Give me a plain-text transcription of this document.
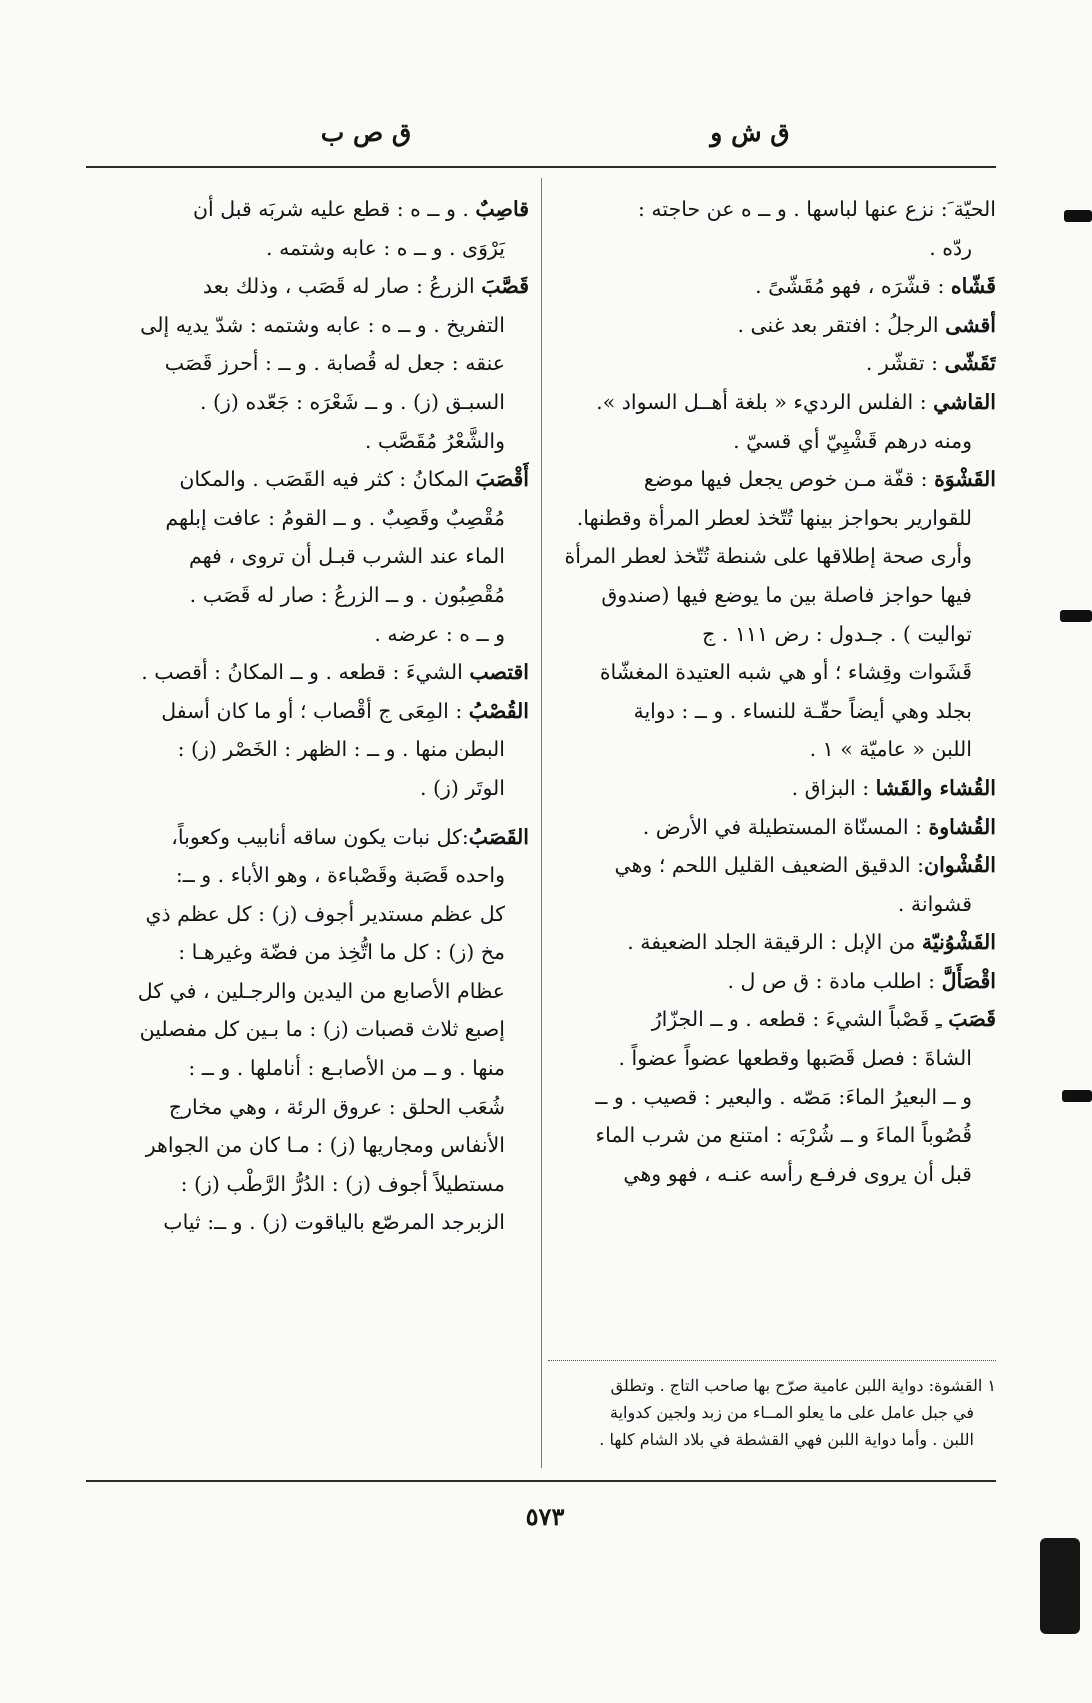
ق ش و
ق ص ب
الحيّة َ: نزع عنها لباسها . و ــ ه عن حاجته :
ردّه .
قَشّاه : قشّرَه ، فهو مُقَشّىً .
أقشى الرجلُ : افتقر بعد غنى .
تَقَشّى : تقشّر .
القاشي : الفلس الرديء « بلغة أهــل السواد ».
ومنه درهم قَشْيِيّ أي قسيّ .
القَشْوَة : قفّة مـن خوص يجعل فيها موضع
للقوارير بحواجز بينها تُتّخذ لعطر المرأة وقطنها.
وأرى صحة إطلاقها على شنطة تُتّخذ لعطر المرأة
فيها حواجز فاصلة بين ما يوضع فيها (صندوق
تواليت ) . جـدول : رض ١١١ . ج
قَشَوات وقِشاء ؛ أو هي شبه العتيدة المغشّاة
بجلد وهي أيضاً حقّـة للنساء . و ــ : دواية
اللبن « عاميّة » ١ .
القُشاء والقَشا : البزاق .
القُشاوة : المسنّاة المستطيلة في الأرض .
القُشْوان: الدقيق الضعيف القليل اللحم ؛ وهي
قشوانة .
القَشْوُنيّة من الإبل : الرقيقة الجلد الضعيفة .
اقْصَأَلَّ : اطلب مادة : ق ص ل .
قَصَبَ ـِ قَصْباً الشيءَ : قطعه . و ــ الجزّارُ
الشاةَ : فصل قَصَبها وقطعها عضواً عضواً .
و ــ البعيرُ الماءَ: مَصّه . والبعير : قصيب . و ــ
قُصُوباً الماءَ و ــ شُرْبَه : امتنع من شرب الماء
قبل أن يروى فرفـع رأسه عنـه ، فهو وهي
قاصِبٌ . و ــ ه : قطع عليه شربَه قبل أن
يَرْوَى . و ــ ه : عابه وشتمه .
قَصَّبَ الزرعُ : صار له قَصَب ، وذلك بعد
التفريخ . و ــ ه : عابه وشتمه : شدّ يديه إلى
عنقه : جعل له قُصابة . و ــ : أحرز قَصَب
السبـق (ز) . و ــ شَعْرَه : جَعّده (ز) .
والشَّعْرُ مُقَصَّب .
أَقْصَبَ المكانُ : كثر فيه القَصَب . والمكان
مُقْصِبٌ وقَصِبٌ . و ــ القومُ : عافت إبلهم
الماء عند الشرب قبـل أن تروى ، فهم
مُقْصِبُون . و ــ الزرعُ : صار له قَصَب .
و ــ ه : عرضه .
اقتصب الشيءَ : قطعه . و ــ المكانُ : أقصب .
القُصْبُ : المِعَى ج أقْصاب ؛ أو ما كان أسفل
البطن منها . و ــ : الظهر : الخَصْر (ز) :
الوتَر (ز) .
القَصَبُ:كل نبات يكون ساقه أنابيب وكعوباً،
واحده قَصَبة وقَصْباءة ، وهو الأباء . و ــ:
كل عظم مستدير أجوف (ز) : كل عظم ذي
مخ (ز) : كل ما اتُّخِذ من فضّة وغيرهـا :
عظام الأصابع من اليدين والرجـلين ، في كل
إصبع ثلاث قصبات (ز) : ما بـين كل مفصلين
منها . و ــ من الأصابـع : أناملها . و ــ :
شُعَب الحلق : عروق الرئة ، وهي مخارج
الأنفاس ومجاريها (ز) : مـا كان من الجواهر
مستطيلاً أجوف (ز) : الدُرُّ الرَّطْب (ز) :
الزبرجد المرصّع بالياقوت (ز) . و ــ: ثياب
١ القشوة: دواية اللبن عامية صرّح بها صاحب التاج . وتطلق
في جبل عامل على ما يعلو المــاء من زبد ولجين كدواية
اللبن . وأما دواية اللبن فهي القشطة في بلاد الشام كلها .
٥٧٣
